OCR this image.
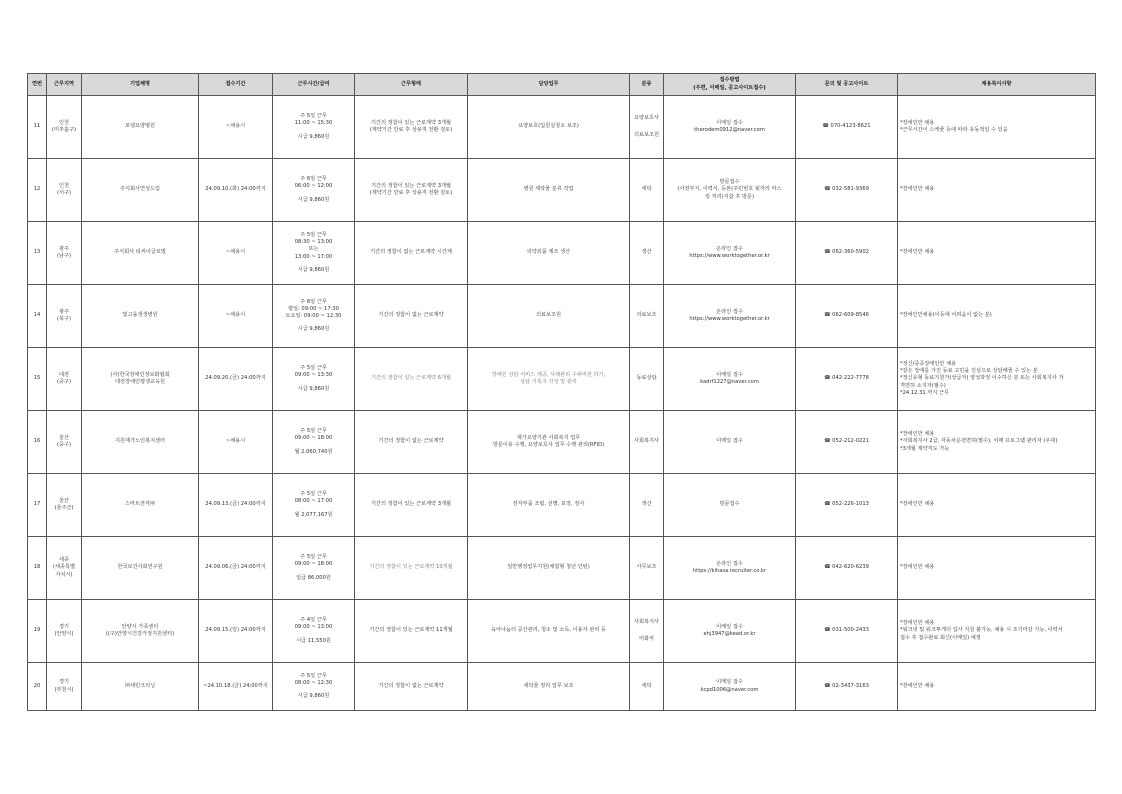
연번	근무지역	기업체명	접수기간	근무시간/급여	근무형태	담당업무	분류	접수방법
(우편, 이메일, 공고사이트접수)	문의 및 공고사이트	채용특이사항
11	인천
(미추홀구)	로뎀요양병원	~채용시	주 5일 근무
11:00 ~ 15:30
시급 9,860원	기간의 정함이 있는 근로계약 3개월
(계약기간 만료 후 상용직 전환 검토)	요양보호(입원실청소 보조)	요양보호사
의료보조원	이메일 접수
therodem0912@naver.com	☎ 070-4123-8621	*장애인만 채용
*근무시간이 스케줄 등에 따라 유동적일 수 있음

12	인천
(서구)	주식회사연성드림	24.09.10.(화) 24:00까지	주 6일 근무
06:00 ~ 12:00
시급 9,860원	기간의 정함이 있는 근로계약 3개월
(계약기간 만료 후 상용직 전환 검토)	병원 세탁물 분류 작업	세탁	방문접수
(사전부지, 이력서, 등본(주민번호 뒷자리 마스
킹 처리)지참 후 방문)	☎ 032-581-9369	*장애인만 채용

13	광주
(남구)	주식회사 티씨이글로벌	~채용시	주 5일 근무
08:30 ~ 13:00
또는
13:00 ~ 17:00
시급 9,860원	기간의 정함이 없는 근로계약 시간제	의약외품 제조 생산	생산	온라인 접수
https://www.worktogether.or.kr	☎ 062-360-5902	*장애인만 채용

14	광주
(북구)	빛고을생생병원	~채용시	주 6일 근무
평일: 09:00 ~ 17:30
토요일: 09:00 ~ 12:30
시급 9,860원	기간의 정함이 없는 근로계약	의료보조원	의료보조	온라인 접수
https://www.worktogether.or.kr	☎ 062-609-8546	*장애인만채용(이동에 어려움이 없는 분)

15	대전
(중구)	(사)한국장애인정보화협회
대전장애인평생교육원	24.09.20.(금) 24:00까지	주 5일 근무
09:00 ~ 13:30
시급 9,860원	기간의 정함이 있는 근로계약 6개월	장애인 상담 서비스 제공, 사례관리 수퍼비전 하기,
상담 기록지 작성 및 관리	동료상담	이메일 접수
kadrf1227@naver.com	☎ 042-222-7778	*정신/중증장애인만 채용
*같은 장애를 가진 동료 고민을 진심으로 상담해줄 수 있는 분
*정신유형 동료지원가(상급자) 양성과정 이수하신 분 또는 사회복지사 자
격면허 소지자(필수)
*24.12.31.까지 근무

16	울산
(중구)	지원재가노인복지센터	~채용시	주 5일 근무
09:00 ~ 18:00
월 2,060,740원	기간의 정함이 없는 근로계약	재가요양기관 사회복지 업무
방문이용 수행, 요양보호사 업무 수행 관리(RFID)	사회복지사	이메일 접수	☎ 052-212-0221	*장애인만 채용
*사회복지사 2급, 자동차운전면허(필수), 치매 프로그램 관리자 (우대)
*3개월 계약직도 가능

17	울산
(울주군)	스마트전자㈜	24.09.13.(금) 24:00까지	주 5일 근무
08:00 ~ 17:00
월 2,077,167원	기간의 정함이 있는 근로계약 3개월	전자부품 조립, 선별, 포장, 검사	생산	방문접수	☎ 052-226-1013	*장애인만 채용

18	세종
(세종특별
자치시)	한국보건사회연구원	24.09.06.(금) 24:00까지	주 5일 근무
09:00 ~ 18:00
일급 86,000원	기간의 정함이 있는 근로계약 10개월	일반행정업무지원(체험형 청년 인턴)	사무보조	온라인 접수
https://kihasa.recruiter.co.kr	☎ 042-620-6239	*장애인만 채용

19	경기
(안양시)	안양시 가족센터
((구)안양시건강가정지원센터)	24.09.15.(일) 24:00까지	주 4일 근무
09:00 ~ 13:00
시급 11,550원	기간의 정함이 있는 근로계약 11개월	육아나눔터 공간관리, 청소 및 소독, 이용자 관리 등	사회복지사
미화직	이메일 접수
ehj3947@kead.or.kr	☎ 031-500-2433	*장애인만 채용
*워크넷 및 워크투게더 입사 지원 불가능, 채용 시 조기마감 가능, 이력서
접수 후 접수완료 회신(이메일) 예정

20	경기
(부천시)	㈜세민크리닝	~24.10.18.(금) 24:00까지	주 5일 근무
08:00 ~ 12:30
시급 9,860원	기간의 정함이 없는 근로계약	세탁물 정리 업무 보조	세탁	이메일 접수
kcpd1006@naver.com	☎ 02-3437-3163	*장애인만 채용
